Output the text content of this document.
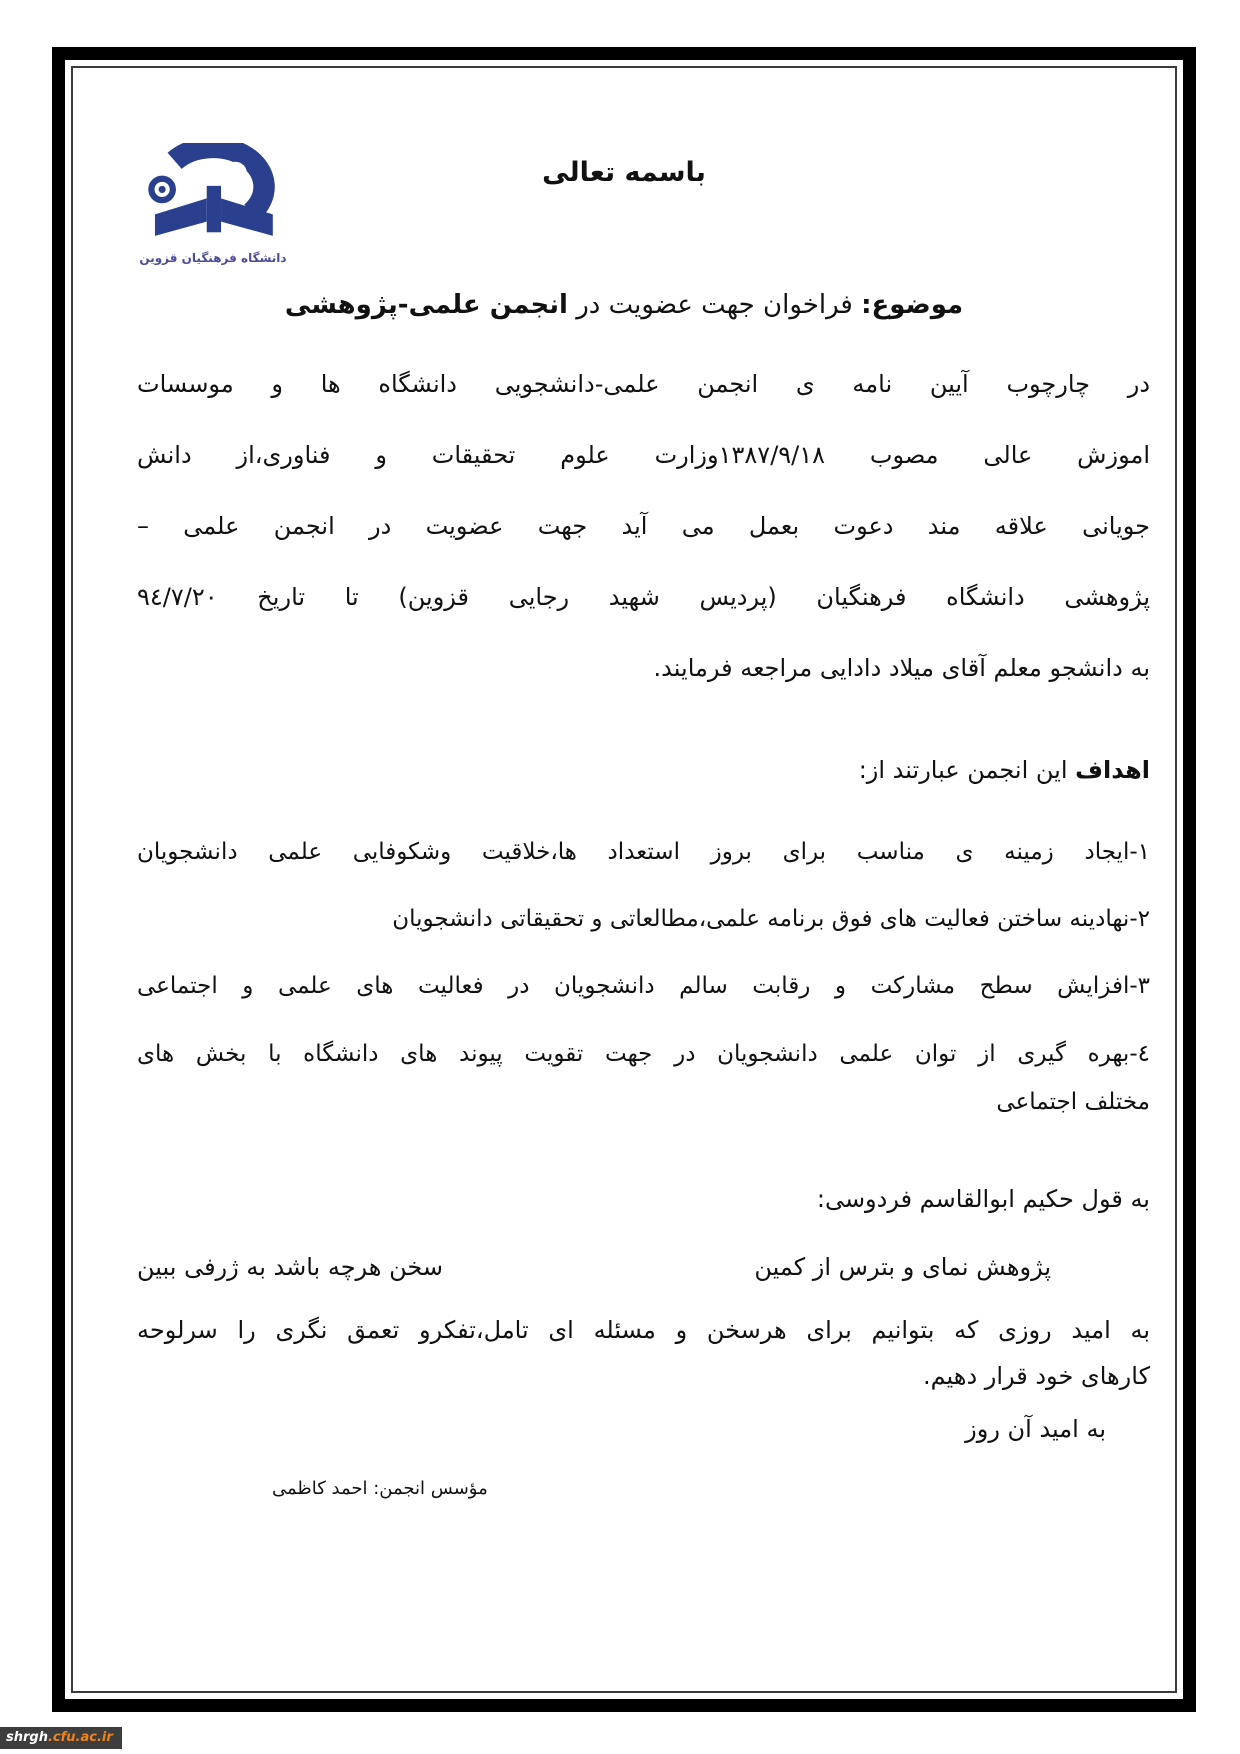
دانشگاه فرهنگیان قزوین
باسمه تعالی
موضوع: فراخوان جهت عضویت در انجمن علمی-پژوهشی
در چارچوب آیین نامه ی انجمن علمی-دانشجویی دانشگاه ها و موسسات
اموزش عالی مصوب ١٣٨٧/٩/١٨وزارت علوم تحقیقات و فناوری،از دانش
جویانی علاقه مند دعوت بعمل می آید جهت عضویت در انجمن علمی –
پژوهشی دانشگاه فرهنگیان (پردیس شهید رجایی قزوین) تا تاریخ ٩٤/٧/٢٠
به دانشجو معلم آقای میلاد دادایی مراجعه فرمایند.
اهداف این انجمن عبارتند از:
١-ایجاد زمینه ی مناسب برای بروز استعداد ها،خلاقیت وشکوفایی علمی دانشجویان
٢-نهادینه ساختن فعالیت های فوق برنامه علمی،مطالعاتی و تحقیقاتی دانشجویان
٣-افزایش سطح مشارکت و رقابت سالم دانشجویان در فعالیت های علمی و اجتماعی
٤-بهره گیری از توان علمی دانشجویان در جهت تقویت پیوند های دانشگاه با بخش های
مختلف اجتماعی
به قول حکیم ابوالقاسم فردوسی:
پژوهش نمای و بترس از کمین
سخن هرچه باشد به ژرفی ببین
به امید روزی که بتوانیم برای هرسخن و مسئله ای تامل،تفکرو تعمق نگری را سرلوحه
کارهای خود قرار دهیم.
به امید آن روز
مؤسس انجمن: احمد کاظمی
shrgh.cfu.ac.ir
